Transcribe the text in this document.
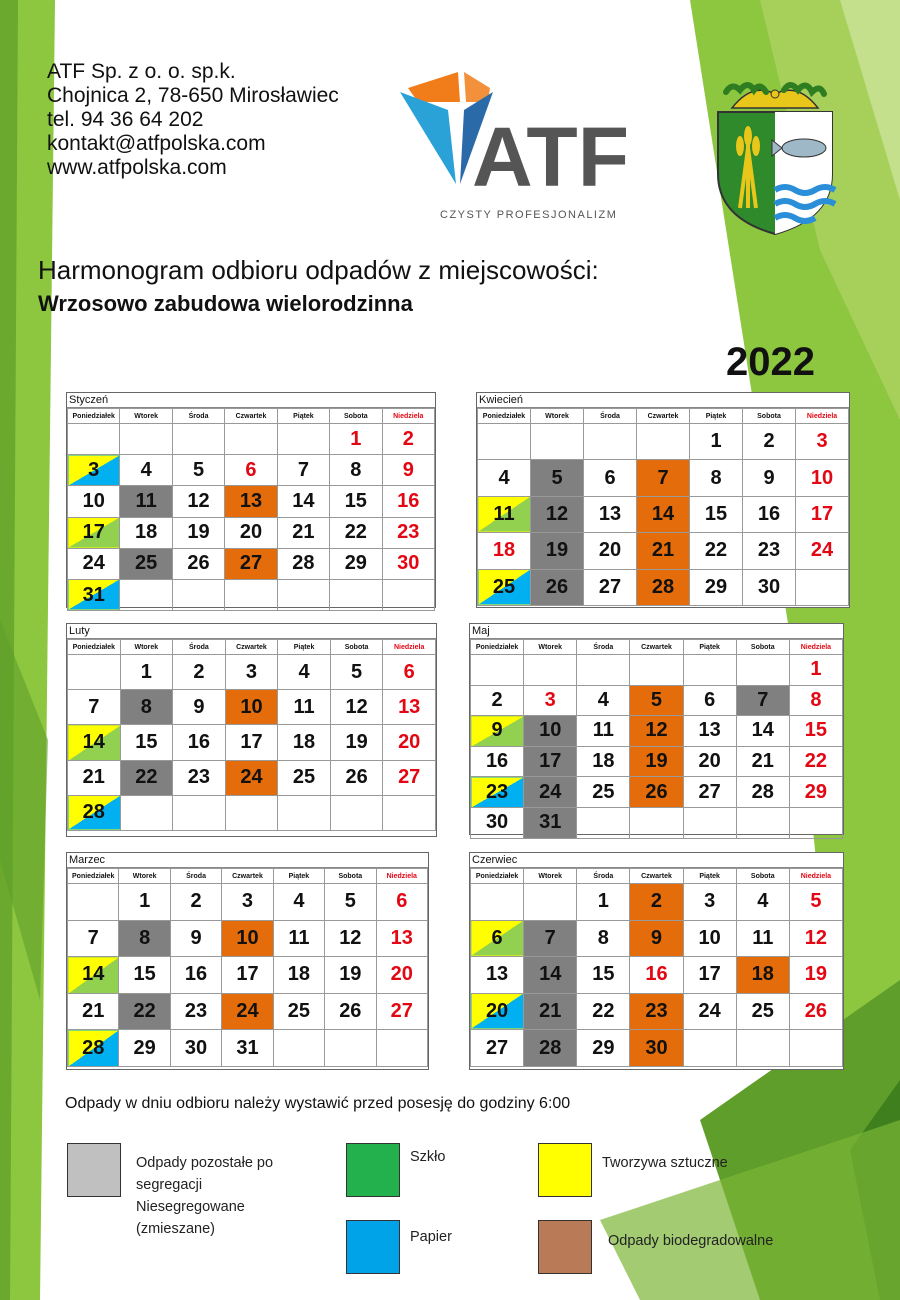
ATF Sp. z o. o. sp.k.
Chojnica 2, 78-650 Mirosławiec
tel. 94 36 64 202
kontakt@atfpolska.com
www.atfpolska.com	ATF
CZYSTY PROFESJONALIZM
Harmonogram odbioru odpadów z miejscowości:
Wrzosowo zabudowa wielorodzinna
2022
Styczeń
Poniedziałek	Wtorek	Środa	Czwartek	Piątek	Sobota	Niedziela
					1	2
3	4	5	6	7	8	9
10	11	12	13	14	15	16
17	18	19	20	21	22	23
24	25	26	27	28	29	30
31						
Luty
Poniedziałek	Wtorek	Środa	Czwartek	Piątek	Sobota	Niedziela
	1	2	3	4	5	6
7	8	9	10	11	12	13
14	15	16	17	18	19	20
21	22	23	24	25	26	27
28						
Marzec
Poniedziałek	Wtorek	Środa	Czwartek	Piątek	Sobota	Niedziela
	1	2	3	4	5	6
7	8	9	10	11	12	13
14	15	16	17	18	19	20
21	22	23	24	25	26	27
28	29	30	31			
Kwiecień
Poniedziałek	Wtorek	Środa	Czwartek	Piątek	Sobota	Niedziela
				1	2	3
4	5	6	7	8	9	10
11	12	13	14	15	16	17
18	19	20	21	22	23	24
25	26	27	28	29	30	
Maj
Poniedziałek	Wtorek	Środa	Czwartek	Piątek	Sobota	Niedziela
						1
2	3	4	5	6	7	8
9	10	11	12	13	14	15
16	17	18	19	20	21	22
23	24	25	26	27	28	29
30	31					
Czerwiec
Poniedziałek	Wtorek	Środa	Czwartek	Piątek	Sobota	Niedziela
		1	2	3	4	5
6	7	8	9	10	11	12
13	14	15	16	17	18	19
20	21	22	23	24	25	26
27	28	29	30			
Odpady w dniu odbioru należy wystawić przed posesję do godziny 6:00
Odpady pozostałe po
segregacji
Niesegregowane
(zmieszane)
Szkło	Tworzywa sztuczne
Papier	Odpady biodegradowalne
